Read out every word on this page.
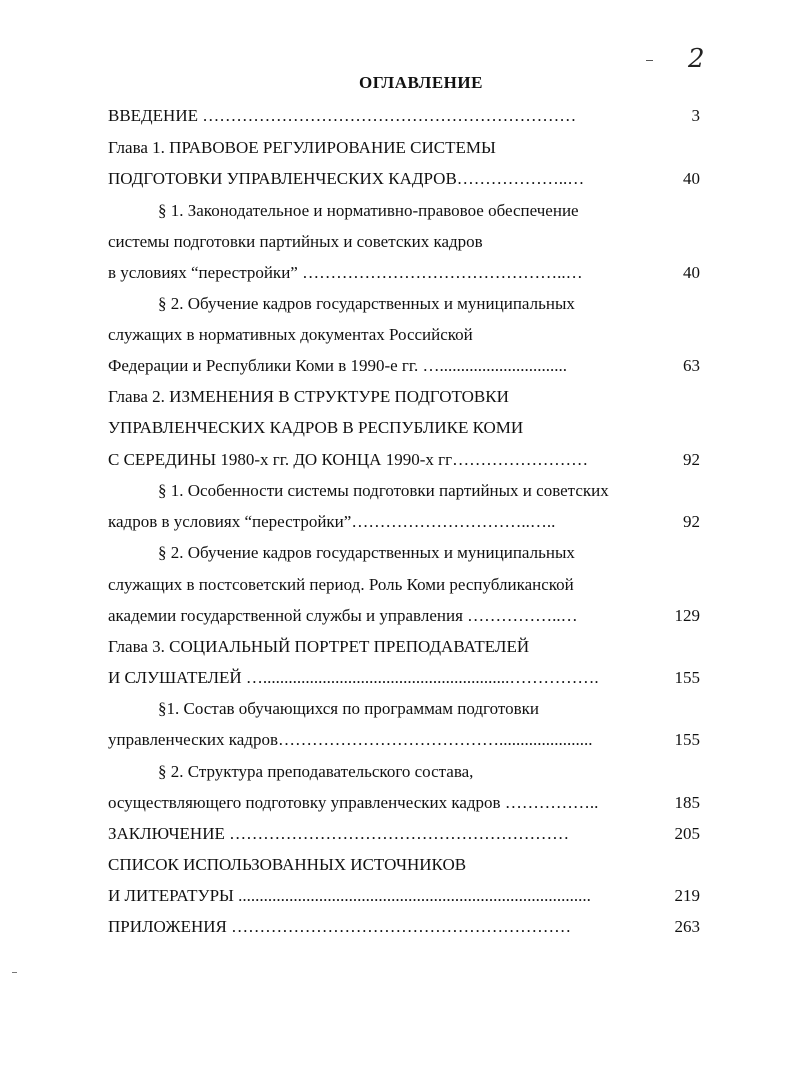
2
ОГЛАВЛЕНИЕ
ВВЕДЕНИЕ …………………………………………………………	3
Глава 1. ПРАВОВОЕ РЕГУЛИРОВАНИЕ СИСТЕМЫ
ПОДГОТОВКИ УПРАВЛЕНЧЕСКИХ КАДРОВ………………..…	40
§ 1. Законодательное и нормативно-правовое обеспечение
системы подготовки партийных и советских кадров
в условиях “перестройки” ………………………………………..…	40
§ 2. Обучение кадров государственных и муниципальных
служащих в нормативных документах Российской
Федерации и Республики Коми в 1990-е гг. …..............................	63
Глава 2. ИЗМЕНЕНИЯ В СТРУКТУРЕ ПОДГОТОВКИ
УПРАВЛЕНЧЕСКИХ КАДРОВ В РЕСПУБЛИКЕ КОМИ
С СЕРЕДИНЫ 1980-х гг. ДО КОНЦА 1990-х гг……………………	92
§ 1. Особенности системы подготовки партийных и советских
кадров в условиях “перестройки”…………………………..…..	92
§ 2. Обучение кадров государственных и муниципальных
служащих в постсоветский период. Роль Коми республиканской
академии государственной службы и управления ……………..…	129
Глава 3. СОЦИАЛЬНЫЙ ПОРТРЕТ ПРЕПОДАВАТЕЛЕЙ
И СЛУШАТЕЛЕЙ …..........................................................…………….	155
§1. Состав обучающихся по программам подготовки
управленческих кадров…………………………………......................	155
§ 2. Структура преподавательского состава,
осуществляющего подготовку управленческих кадров ……………..	185
ЗАКЛЮЧЕНИЕ ……………………………………………………	205
СПИСОК ИСПОЛЬЗОВАННЫХ ИСТОЧНИКОВ
И ЛИТЕРАТУРЫ ...................................................................................	219
ПРИЛОЖЕНИЯ ……………………………………………………	263
